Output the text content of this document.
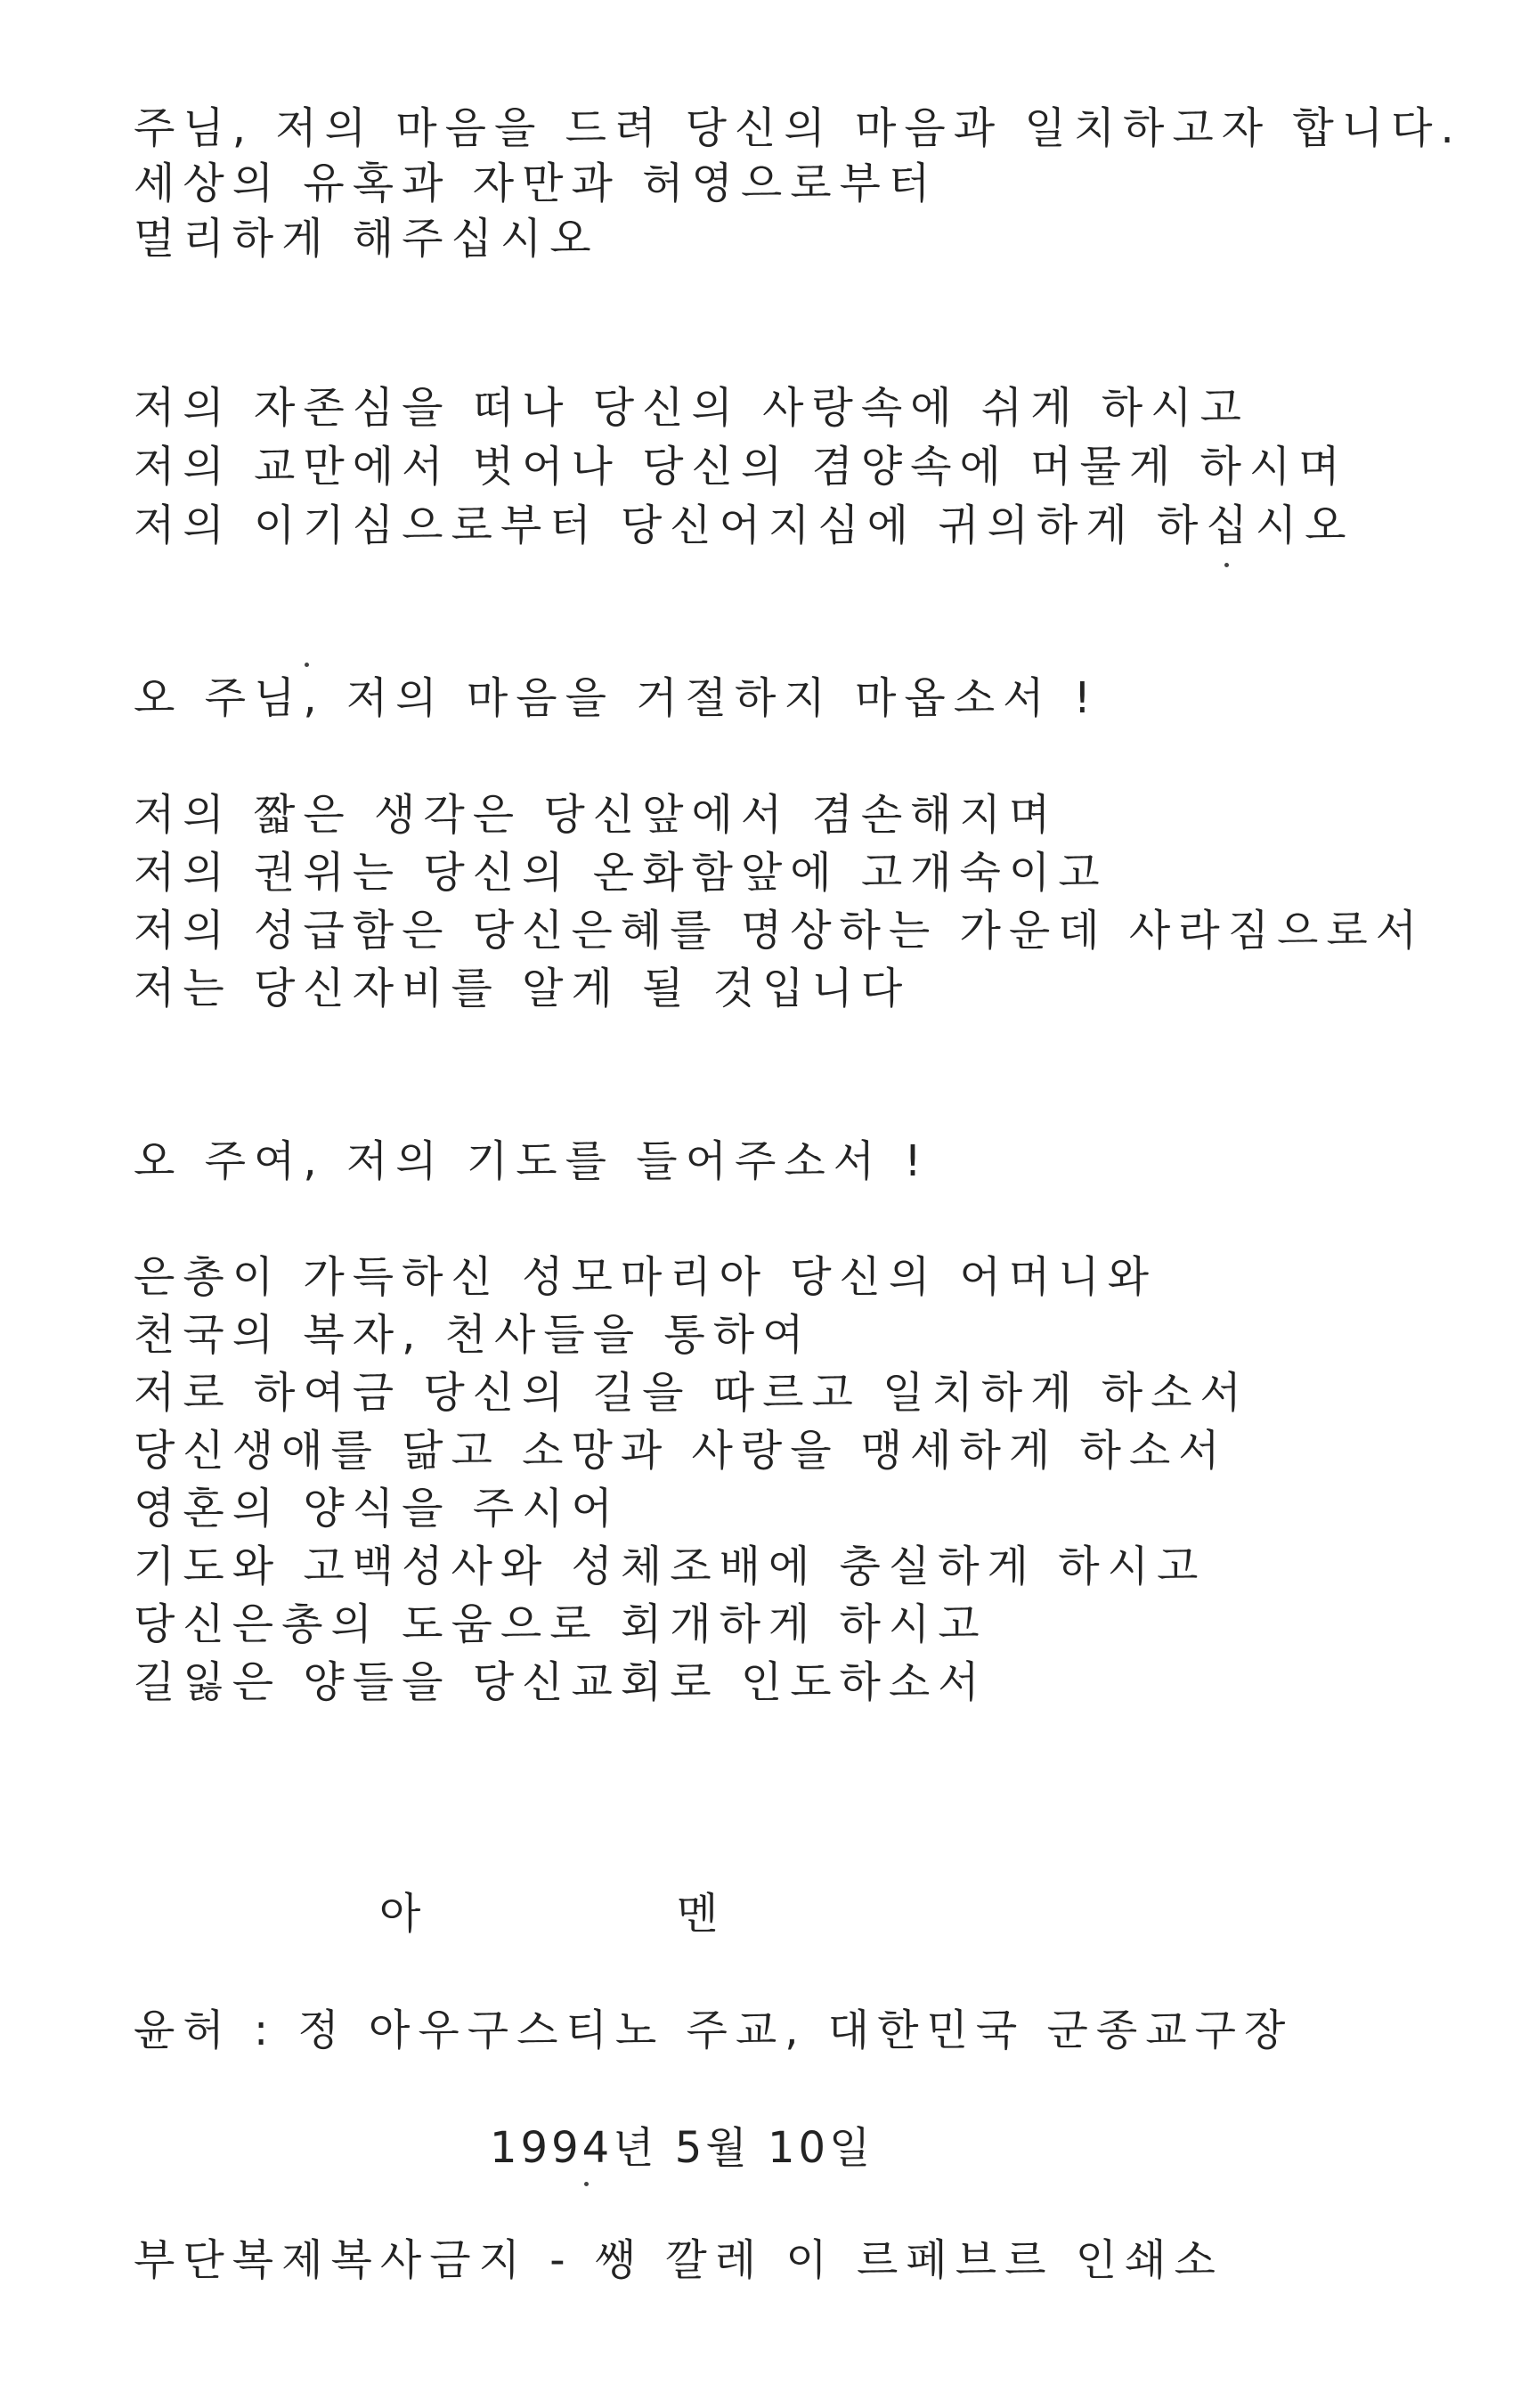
주님, 저의 마음을 드려 당신의 마음과 일치하고자 합니다.
세상의 유혹과 자만과 허영으로부터
멀리하게 해주십시오
저의 자존심을 떠나 당신의 사랑속에 쉬게 하시고
저의 교만에서 벗어나 당신의 겸양속에 머물게 하시며
저의 이기심으로부터 당신어지심에 귀의하게 하십시오
오 주님, 저의 마음을 거절하지 마옵소서 !
저의 짧은 생각은 당신앞에서 겸손해지며
저의 권위는 당신의 온화함앞에 고개숙이고
저의 성급함은 당신은혜를 명상하는 가운데 사라짐으로서
저는 당신자비를 알게 될 것입니다
오 주여, 저의 기도를 들어주소서 !
은총이 가득하신 성모마리아 당신의 어머니와
천국의 복자, 천사들을 통하여
저로 하여금 당신의 길을 따르고 일치하게 하소서
당신생애를 닮고 소망과 사랑을 맹세하게 하소서
영혼의 양식을 주시어
기도와 고백성사와 성체조배에 충실하게 하시고
당신은총의 도움으로 회개하게 하시고
길잃은 양들을 당신교회로 인도하소서
아	멘
윤허 : 정 아우구스티노 주교, 대한민국 군종교구장
1994년 5월 10일
부단복제복사금지 - 쌩 깔레 이 르페브르 인쇄소
